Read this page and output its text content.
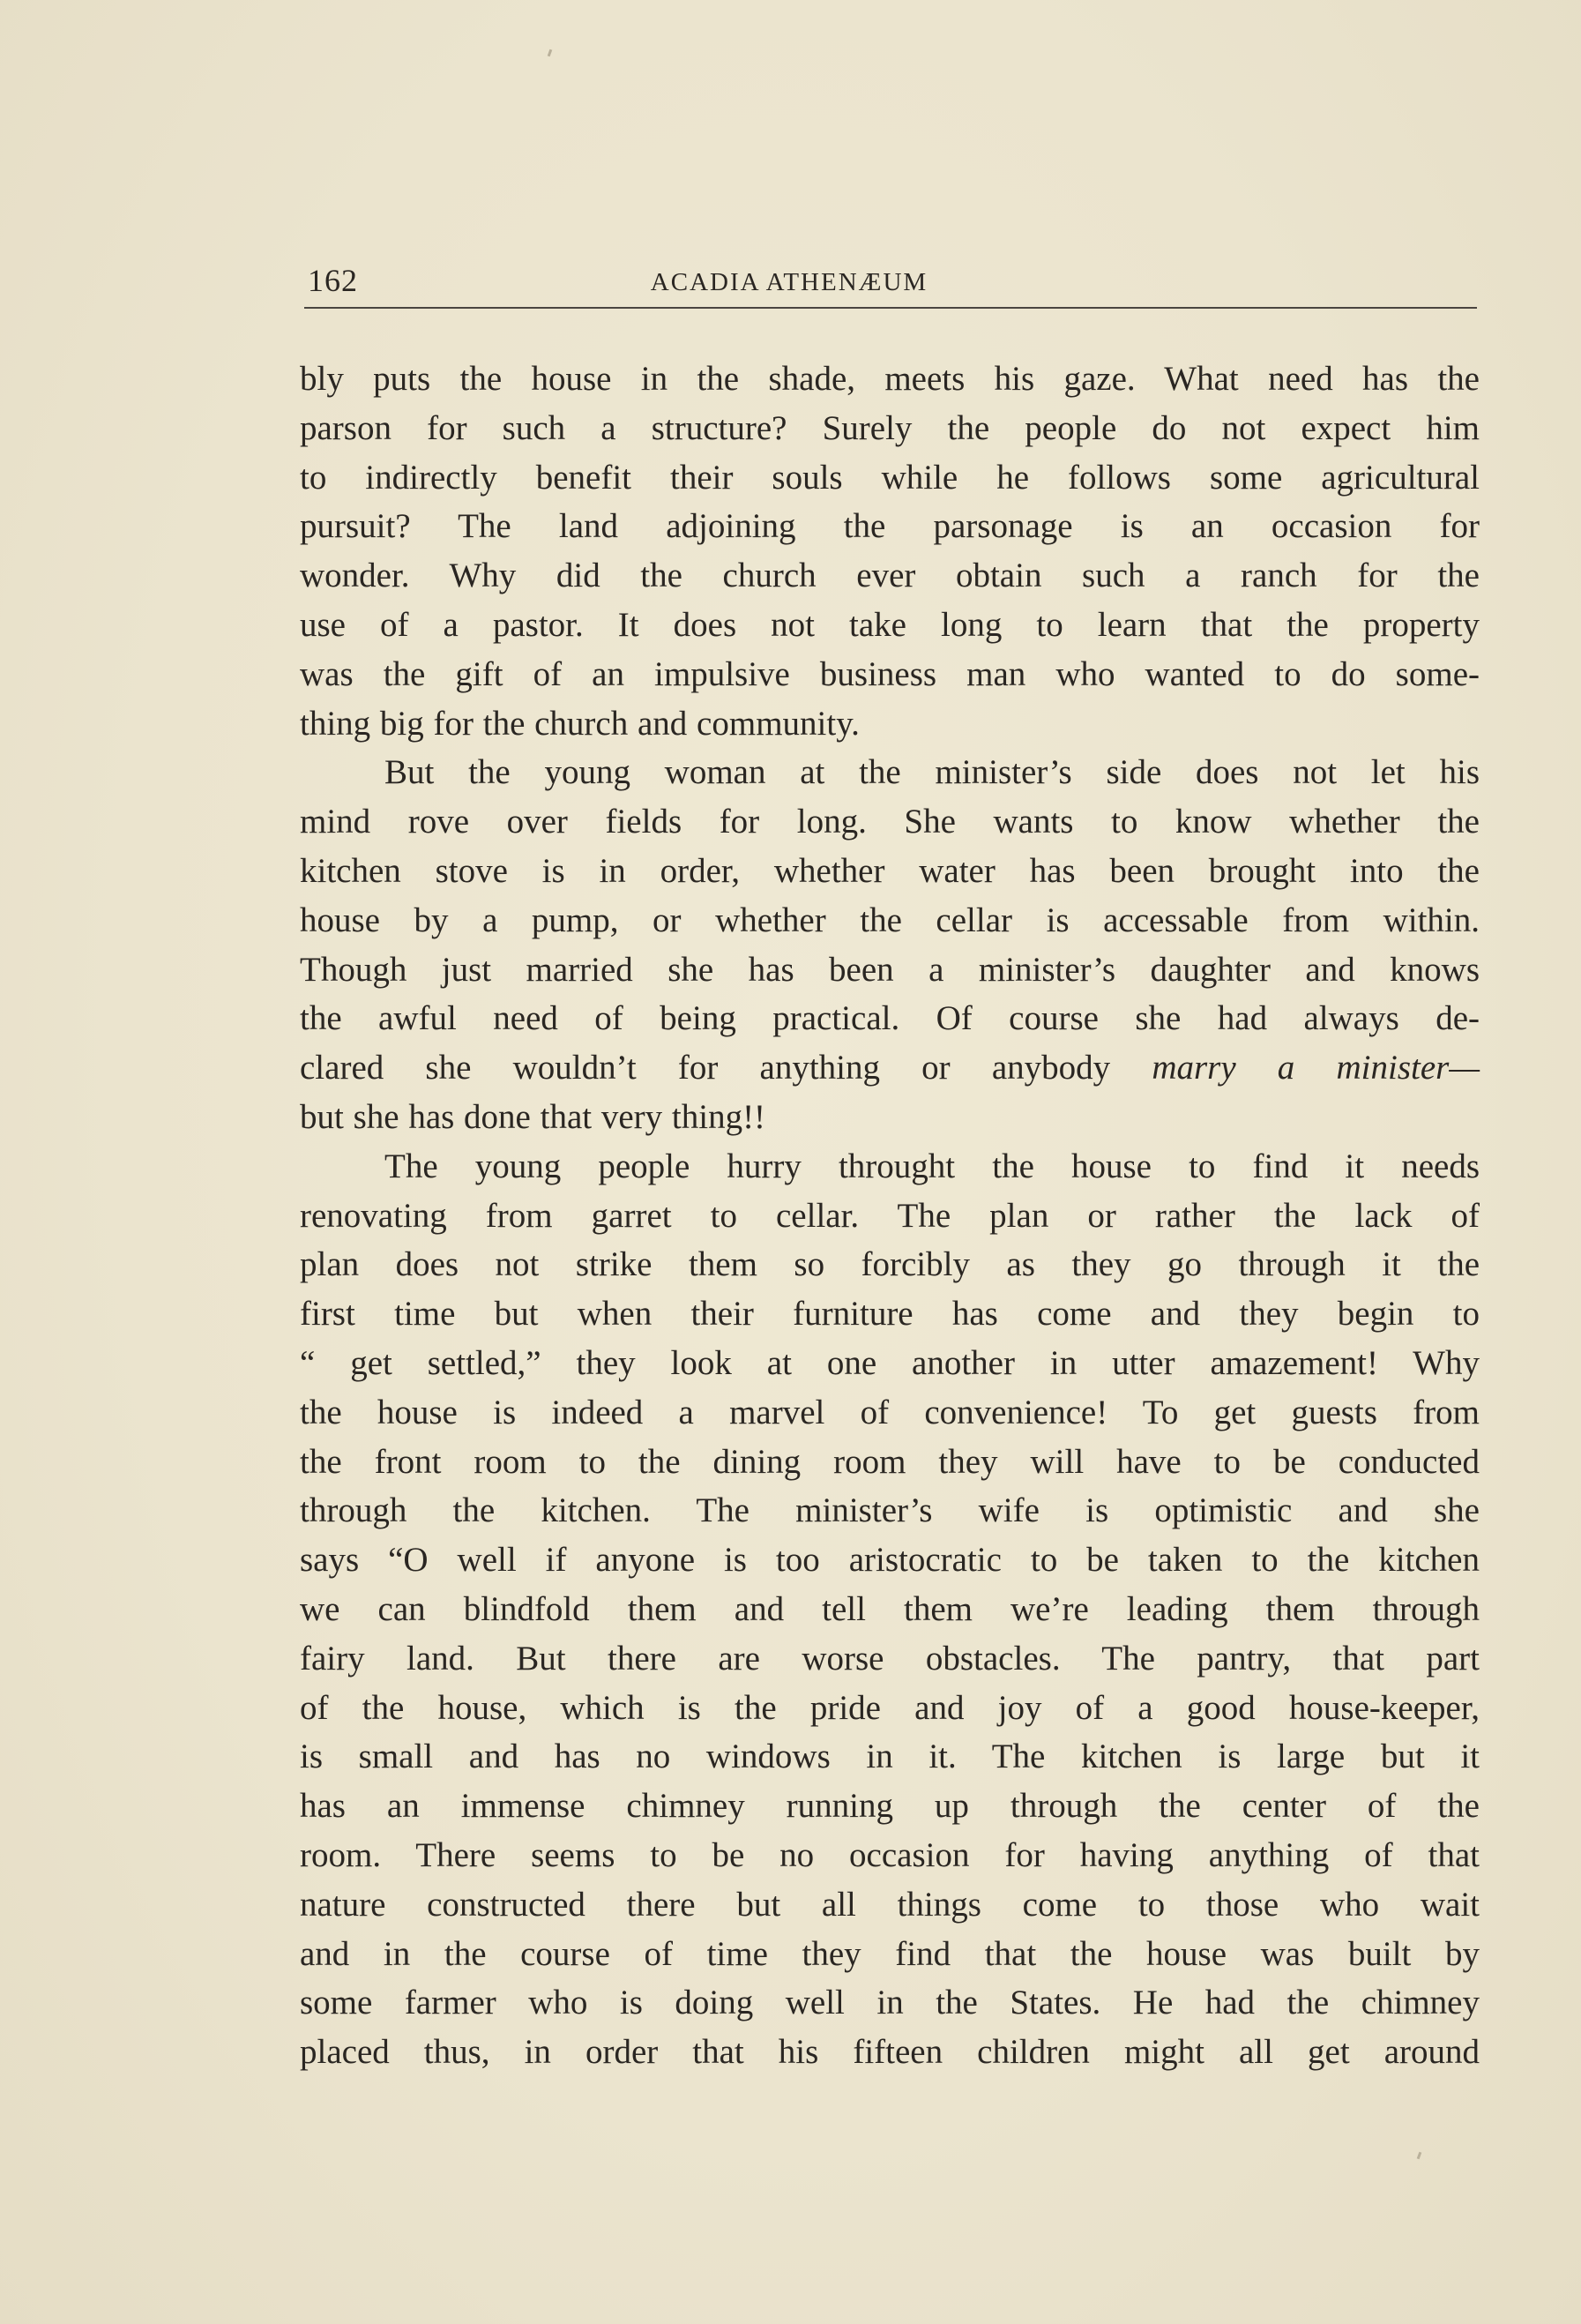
162	ACADIA ATHENÆUM
bly puts the house in the shade, meets his gaze. What need has the
parson for such a structure? Surely the people do not expect him
to indirectly benefit their souls while he follows some agricultural
pursuit? The land adjoining the parsonage is an occasion for
wonder. Why did the church ever obtain such a ranch for the
use of a pastor. It does not take long to learn that the property
was the gift of an impulsive business man who wanted to do some-
thing big for the church and community.
But the young woman at the minister’s side does not let his
mind rove over fields for long. She wants to know whether the
kitchen stove is in order, whether water has been brought into the
house by a pump, or whether the cellar is accessable from within.
Though just married she has been a minister’s daughter and knows
the awful need of being practical. Of course she had always de-
clared she wouldn’t for anything or anybody marry a minister—
but she has done that very thing!!
The young people hurry throught the house to find it needs
renovating from garret to cellar. The plan or rather the lack of
plan does not strike them so forcibly as they go through it the
first time but when their furniture has come and they begin to
“ get settled,” they look at one another in utter amazement! Why
the house is indeed a marvel of convenience! To get guests from
the front room to the dining room they will have to be conducted
through the kitchen. The minister’s wife is optimistic and she
says “O well if anyone is too aristocratic to be taken to the kitchen
we can blindfold them and tell them we’re leading them through
fairy land. But there are worse obstacles. The pantry, that part
of the house, which is the pride and joy of a good house-keeper,
is small and has no windows in it. The kitchen is large but it
has an immense chimney running up through the center of the
room. There seems to be no occasion for having anything of that
nature constructed there but all things come to those who wait
and in the course of time they find that the house was built by
some farmer who is doing well in the States. He had the chimney
placed thus, in order that his fifteen children might all get around
